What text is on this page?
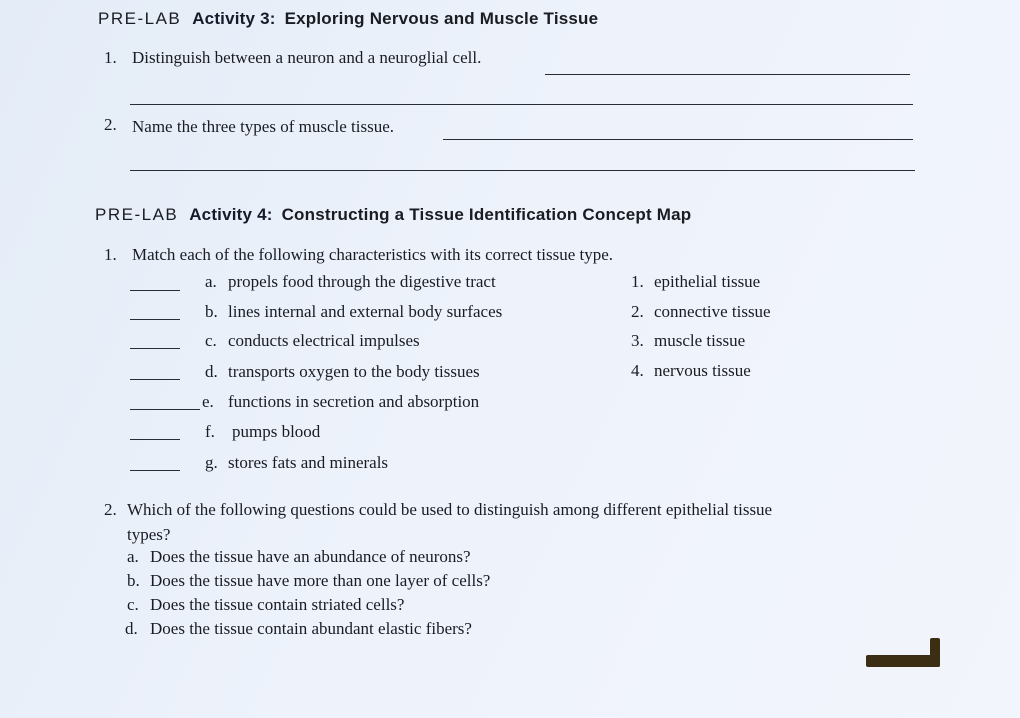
PRE-LAB Activity 3: Exploring Nervous and Muscle Tissue
1. Distinguish between a neuron and a neuroglial cell.
2. Name the three types of muscle tissue.
PRE-LAB Activity 4: Constructing a Tissue Identification Concept Map
1. Match each of the following characteristics with its correct tissue type.
a. propels food through the digestive tract
b. lines internal and external body surfaces
c. conducts electrical impulses
d. transports oxygen to the body tissues
e. functions in secretion and absorption
f. pumps blood
g. stores fats and minerals
1. epithelial tissue
2. connective tissue
3. muscle tissue
4. nervous tissue
2. Which of the following questions could be used to distinguish among different epithelial tissue
types?
a. Does the tissue have an abundance of neurons?
b. Does the tissue have more than one layer of cells?
c. Does the tissue contain striated cells?
d. Does the tissue contain abundant elastic fibers?
